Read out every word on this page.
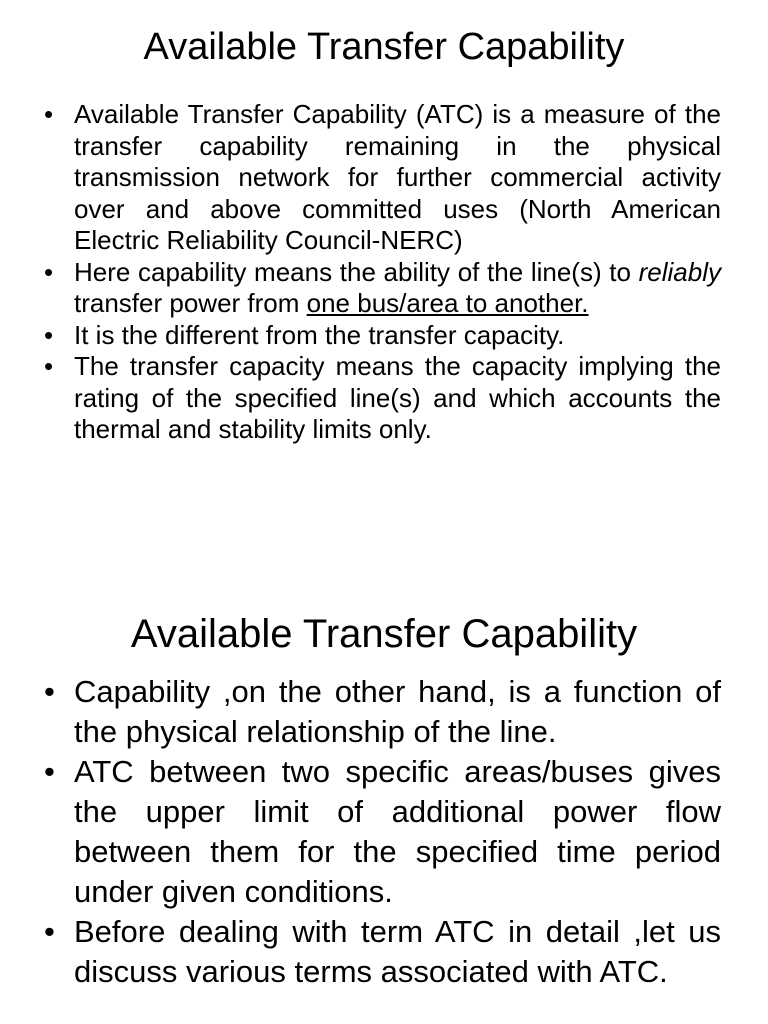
Available Transfer Capability
• Available Transfer Capability (ATC) is a measure of the transfer capability remaining in the physical transmission network for further commercial activity over and above committed uses (North American Electric Reliability Council-NERC)
• Here capability means the ability of the line(s) to reliably transfer power from one bus/area to another.
• It is the different from the transfer capacity.
• The transfer capacity means the capacity implying the rating of the specified line(s) and which accounts the thermal and stability limits only.
Available Transfer Capability
• Capability ,on the other hand, is a function of the physical relationship of the line.
• ATC between two specific areas/buses gives the upper limit of additional power flow between them for the specified time period under given conditions.
• Before dealing with term ATC in detail ,let us discuss various terms associated with ATC.
